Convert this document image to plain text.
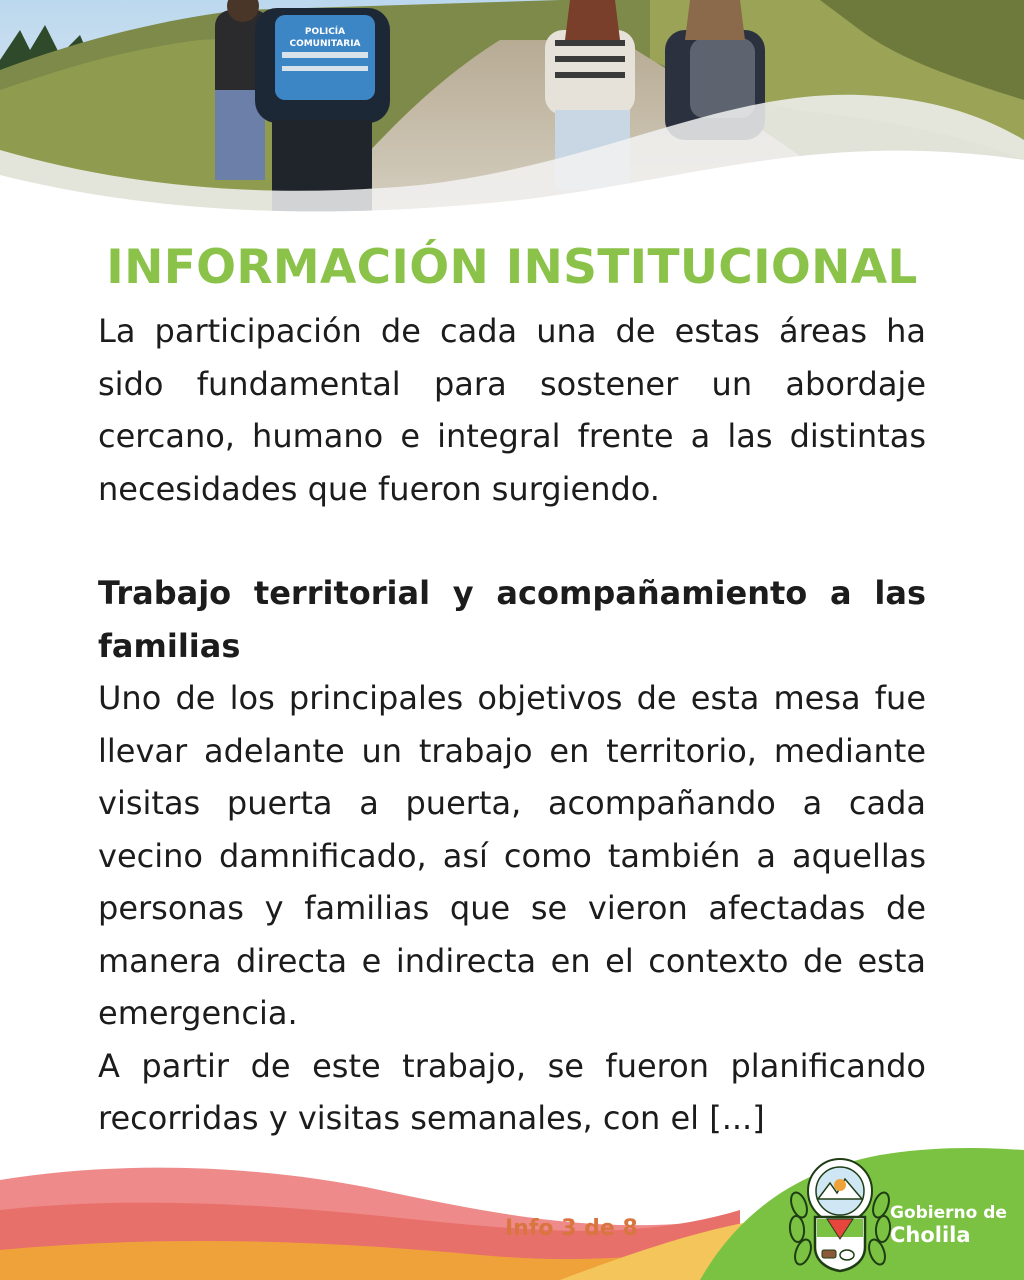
POLICÍA
COMUNITARIA
INFORMACIÓN INSTITUCIONAL

La participación de cada una de estas áreas ha sido fundamental para sostener un abordaje cercano, humano e integral frente a las distintas necesidades que fueron surgiendo.

Trabajo territorial y acompañamiento a las familias

Uno de los principales objetivos de esta mesa fue llevar adelante un trabajo en territorio, mediante visitas puerta a puerta, acompañando a cada vecino damnificado, así como también a aquellas personas y familias que se vieron afectadas de manera directa e indirecta en el contexto de esta emergencia.

A partir de este trabajo, se fueron planificando recorridas y visitas semanales, con el [...]

Info 3 de 8
Gobierno de
Cholila
